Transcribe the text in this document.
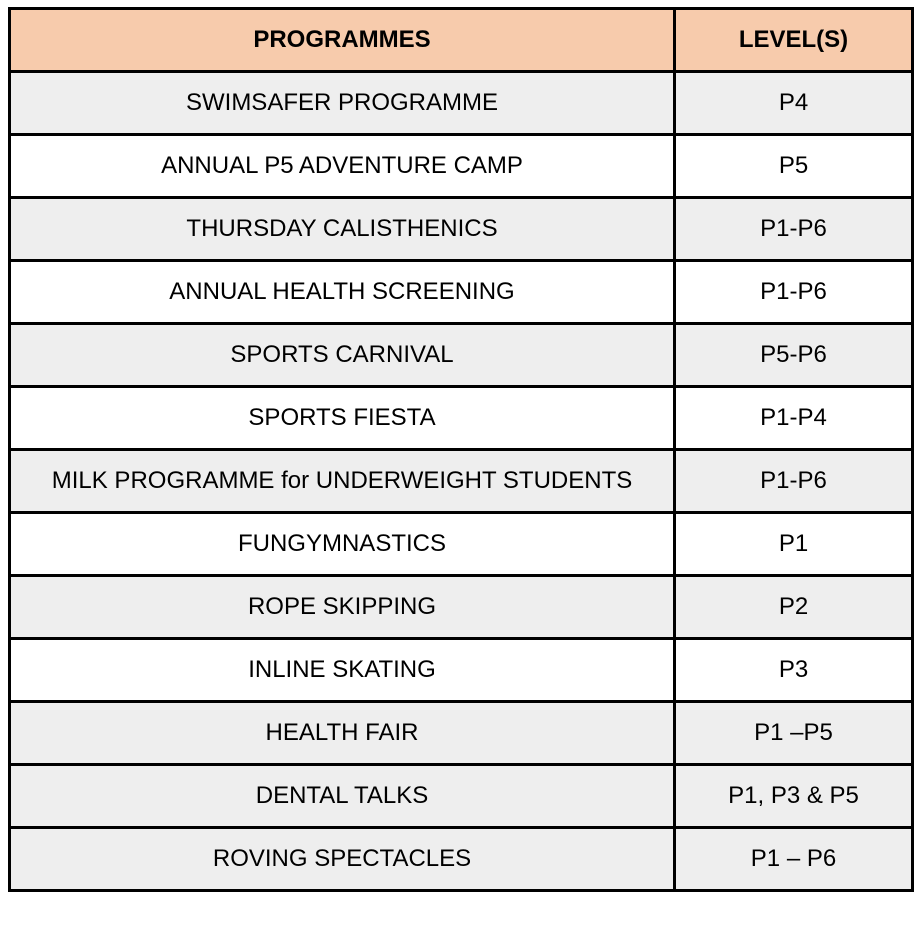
PROGRAMMES	LEVEL(S)
SWIMSAFER PROGRAMME	P4
ANNUAL P5 ADVENTURE CAMP	P5
THURSDAY CALISTHENICS	P1-P6
ANNUAL HEALTH SCREENING	P1-P6
SPORTS CARNIVAL	P5-P6
SPORTS FIESTA	P1-P4
MILK PROGRAMME for UNDERWEIGHT STUDENTS	P1-P6
FUNGYMNASTICS	P1
ROPE SKIPPING	P2
INLINE SKATING	P3
HEALTH FAIR	P1 –P5
DENTAL TALKS	P1, P3 & P5
ROVING SPECTACLES	P1 – P6
